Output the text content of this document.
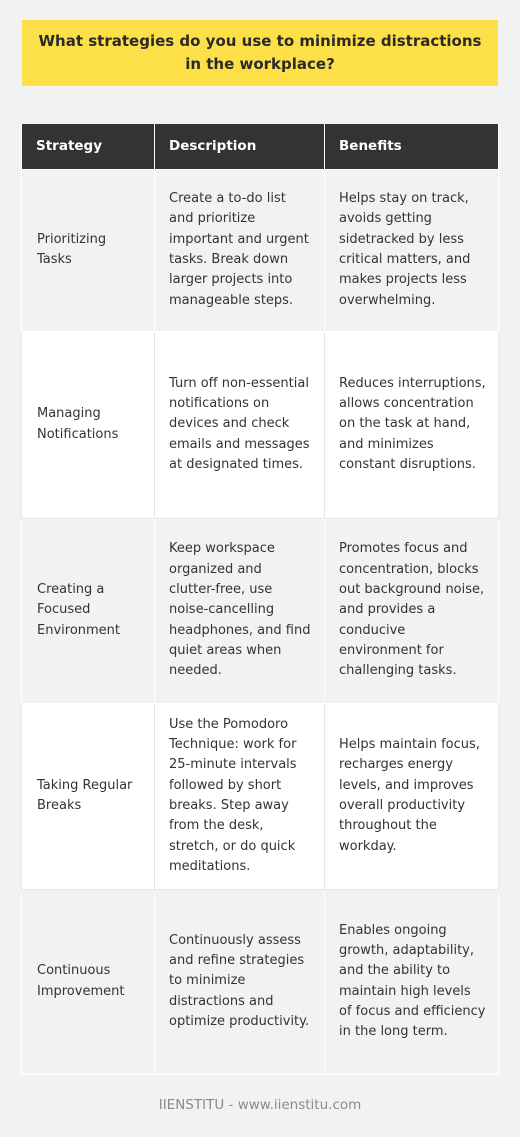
What strategies do you use to minimize distractions in the workplace?
Strategy	Description	Benefits
Prioritizing Tasks	Create a to-do list and prioritize important and urgent tasks. Break down larger projects into manageable steps.	Helps stay on track, avoids getting sidetracked by less critical matters, and makes projects less overwhelming.
Managing Notifications	Turn off non-essential notifications on devices and check emails and messages at designated times.	Reduces interruptions, allows concentration on the task at hand, and minimizes constant disruptions.
Creating a Focused Environment	Keep workspace organized and clutter-free, use noise-cancelling headphones, and find quiet areas when needed.	Promotes focus and concentration, blocks out background noise, and provides a conducive environment for challenging tasks.
Taking Regular Breaks	Use the Pomodoro Technique: work for 25-minute intervals followed by short breaks. Step away from the desk, stretch, or do quick meditations.	Helps maintain focus, recharges energy levels, and improves overall productivity throughout the workday.
Continuous Improvement	Continuously assess and refine strategies to minimize distractions and optimize productivity.	Enables ongoing growth, adaptability, and the ability to maintain high levels of focus and efficiency in the long term.
IIENSTITU - www.iienstitu.com
